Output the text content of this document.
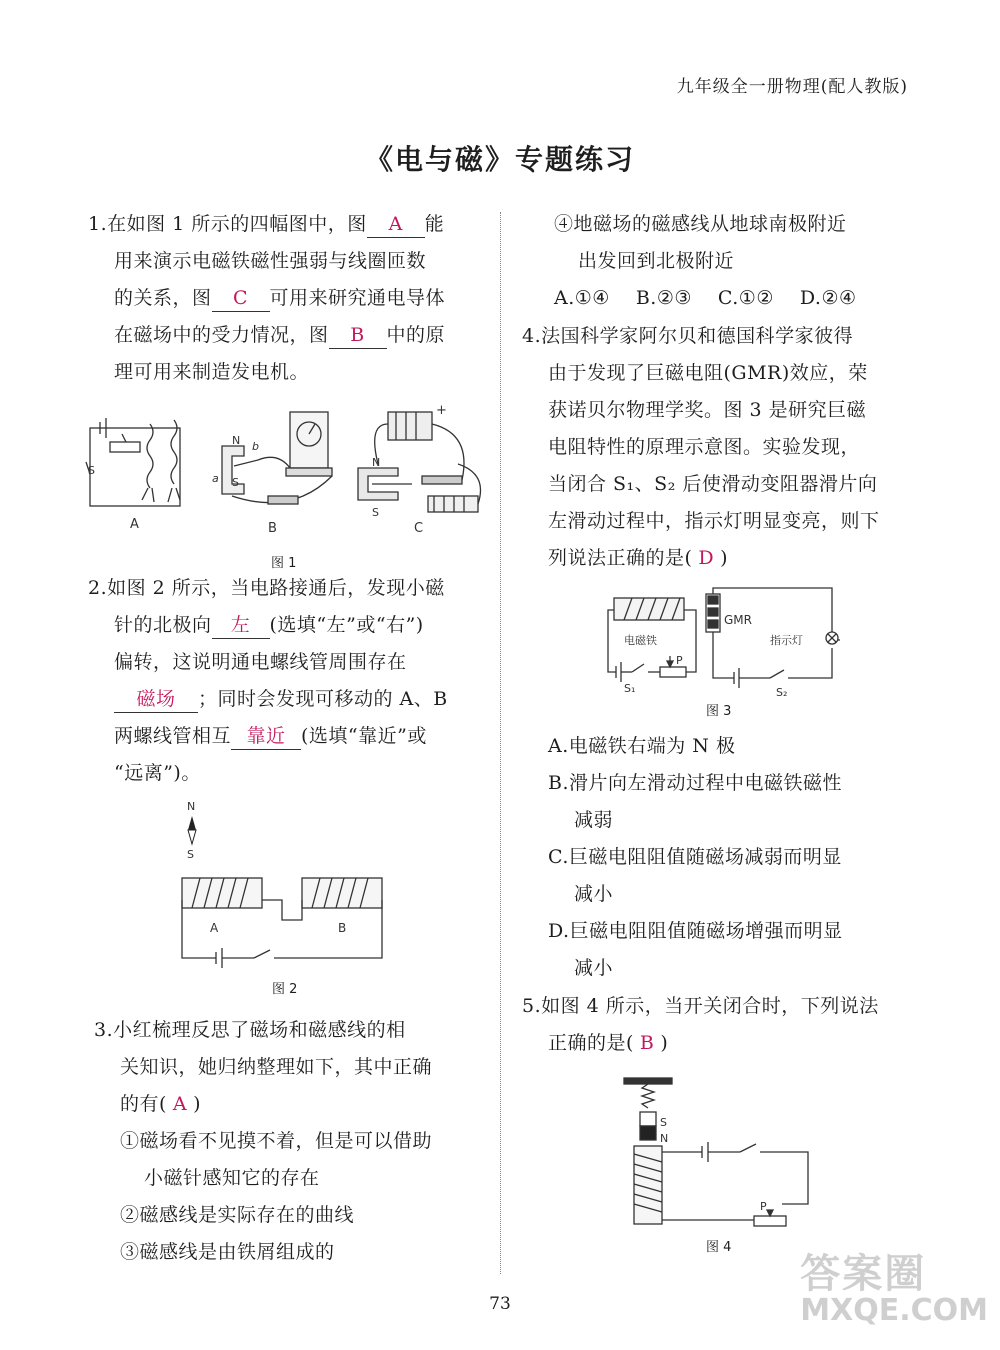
九年级全一册物理(配人教版)
《电与磁》专题练习
1.在如图 1 所示的四幅图中，图 A 能
用来演示电磁铁磁性强弱与线圈匝数
的关系，图 C 可用来研究通电导体
在磁场中的受力情况，图 B 中的原
理可用来制造发电机。
S
A
N b
a S
B
+
N
S
C
图 1
2.如图 2 所示，当电路接通后，发现小磁
针的北极向 左 (选填“左”或“右”)
偏转，这说明通电螺线管周围存在
磁场 ；同时会发现可移动的 A、B
两螺线管相互 靠近 (选填“靠近”或
“远离”)。
N
S
A	B
图 2
3.小红梳理反思了磁场和磁感线的相
关知识，她归纳整理如下，其中正确
的有( A )
①磁场看不见摸不着，但是可以借助
小磁针感知它的存在
②磁感线是实际存在的曲线
③磁感线是由铁屑组成的
④地磁场的磁感线从地球南极附近
出发回到北极附近
A.①④ B.②③ C.①② D.②④
4.法国科学家阿尔贝和德国科学家彼得
由于发现了巨磁电阻(GMR)效应，荣
获诺贝尔物理学奖。图 3 是研究巨磁
电阻特性的原理示意图。实验发现，
当闭合 S₁、S₂ 后使滑动变阻器滑片向
左滑动过程中，指示灯明显变亮，则下
列说法正确的是( D )
电磁铁
GMR
指示灯
P
S₁	S₂
图 3
A.电磁铁右端为 N 极
B.滑片向左滑动过程中电磁铁磁性
减弱
C.巨磁电阻阻值随磁场减弱而明显
减小
D.巨磁电阻阻值随磁场增强而明显
减小
5.如图 4 所示，当开关闭合时，下列说法
正确的是( B )
S
N
P
图 4
73
答案圈
MXQE.COM
